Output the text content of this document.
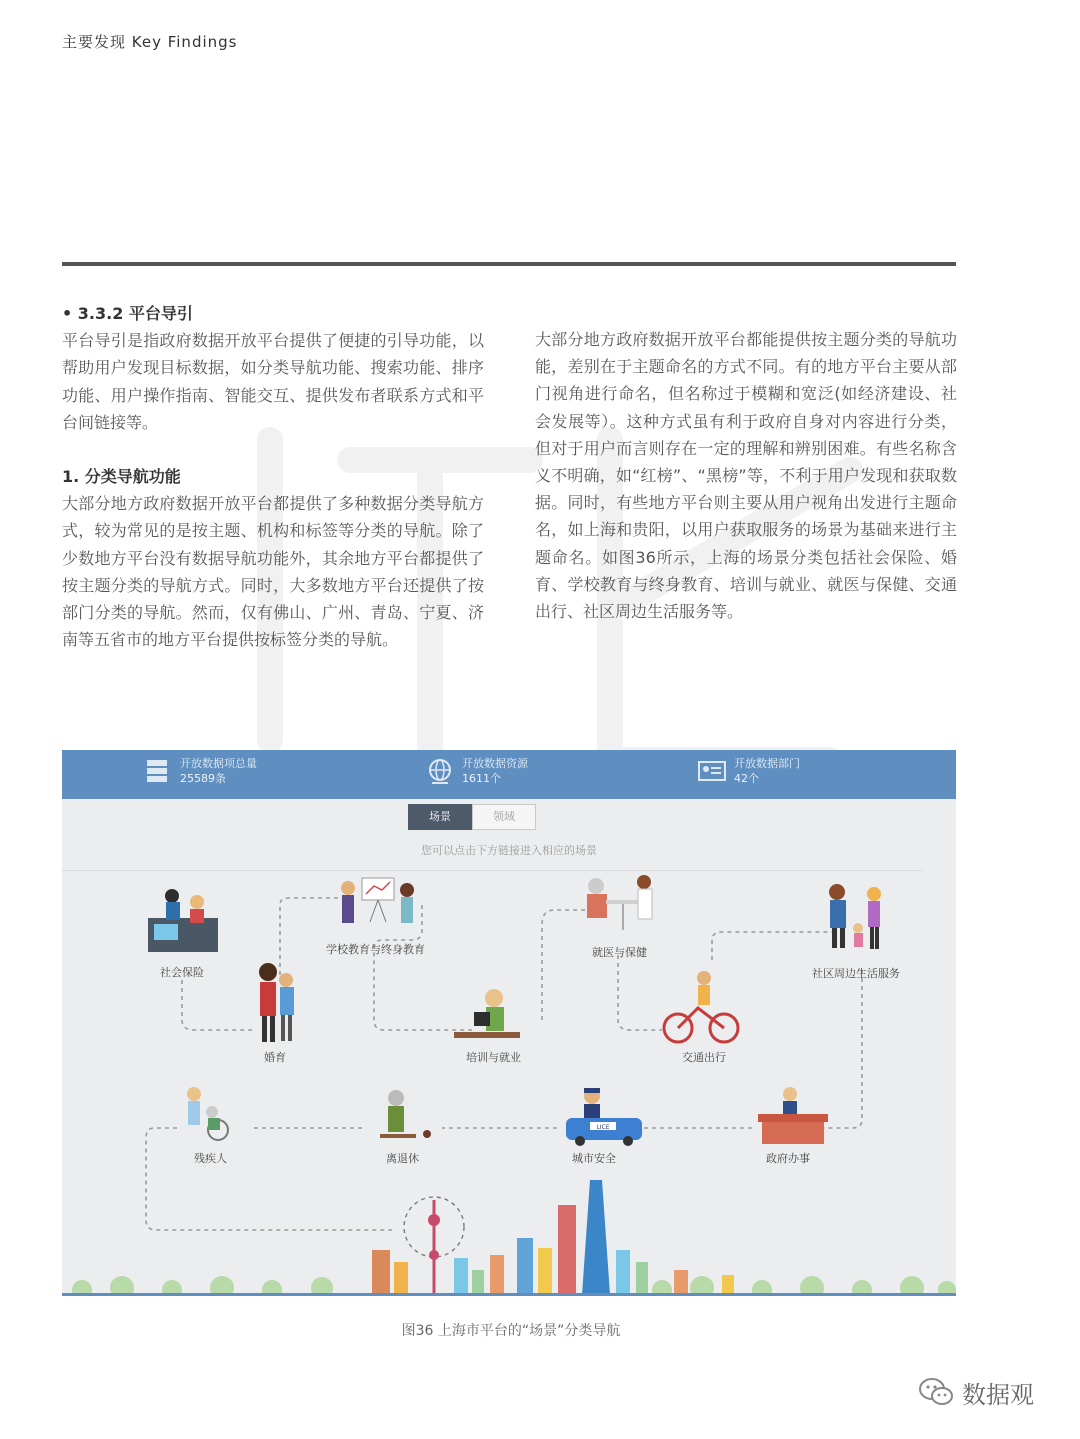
主要发现 Key Findings

• 3.3.2 平台导引

平台导引是指政府数据开放平台提供了便捷的引导功能，以帮助用户发现目标数据，如分类导航功能、搜索功能、排序功能、用户操作指南、智能交互、提供发布者联系方式和平台间链接等。

1. 分类导航功能

大部分地方政府数据开放平台都提供了多种数据分类导航方式，较为常见的是按主题、机构和标签等分类的导航。除了少数地方平台没有数据导航功能外，其余地方平台都提供了按主题分类的导航方式。同时，大多数地方平台还提供了按部门分类的导航。然而，仅有佛山、广州、青岛、宁夏、济南等五省市的地方平台提供按标签分类的导航。

大部分地方政府数据开放平台都能提供按主题分类的导航功能，差别在于主题命名的方式不同。有的地方平台主要从部门视角进行命名，但名称过于模糊和宽泛(如经济建设、社会发展等）。这种方式虽有利于政府自身对内容进行分类，但对于用户而言则存在一定的理解和辨别困难。有些名称含义不明确，如“红榜”、“黑榜”等，不利于用户发现和获取数据。同时，有些地方平台则主要从用户视角出发进行主题命名，如上海和贵阳，以用户获取服务的场景为基础来进行主题命名。如图36所示，上海的场景分类包括社会保险、婚育、学校教育与终身教育、培训与就业、就医与保健、交通出行、社区周边生活服务等。

开放数据项总量
25589条
开放数据资源
1611个
开放数据部门
42个
场景	领域
您可以点击下方链接进入相应的场景
LICE
社会保险
学校教育与终身教育	就医与保健
社区周边生活服务
婚育	培训与就业	交通出行
残疾人	离退休	城市安全	政府办事
图36 上海市平台的“场景”分类导航
数据观
